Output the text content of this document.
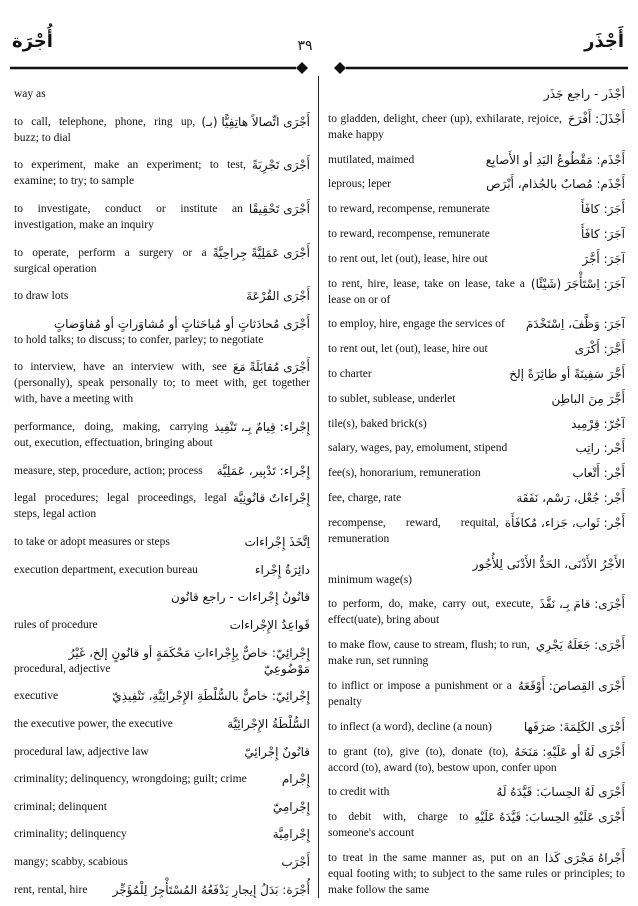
أُجْرَة	٣٩	أَجْذَر
way as
أَجْرَى اتِّصالاً هاتِفِيًّا (بـ)
to call, telephone, phone, ring up, buzz; to dial
أَجْرَى تَجْرِبَةً
to experiment, make an experiment; to test, examine; to try; to sample
أَجْرَى تَحْقِيقًا
to investigate, conduct or institute an investigation, make an inquiry
أَجْرَى عَمَلِيَّةً جِراحِيَّةً
to operate, perform a surgery or a surgical operation
أَجْرَى القُرْعَةَ
to draw lots
أَجْرَى مُحادَثاتٍ أو مُباحَثاتٍ أو مُشاوَراتٍ أو مُفاوَضاتٍ
to hold talks; to discuss; to confer, parley; to negotiate
أَجْرَى مُقابَلَةً مَعَ
to interview, have an interview with, see (personally), speak personally to; to meet with, get together with, have a meeting with
إِجْراء: قِيامٌ بِـ، تَنْفِيذ
performance, doing, making, carrying out, execution, effectuation, bringing about
إِجْراء: تَدْبِير، عَمَلِيَّة
measure, step, procedure, action; process
إِجْراءاتٌ قانُونِيَّة
legal procedures; legal proceedings, legal steps, legal action
اِتَّخَذَ إِجْراءات
to take or adopt measures or steps
دائِرَةُ إِجْراء
execution department, execution bureau
قانُونُ إِجْراءات - راجع قانُون
قَواعِدُ الإِجْراءات
rules of procedure
إِجْرائِيّ: خاصٌّ بِإِجْراءاتِ مَحْكَمَةٍ أو قانُونٍ إلخ، غَيْرُ
مَوْضُوعِيّ
procedural, adjective
إِجْرائِيّ: خاصٌّ بالسُّلْطَةِ الإِجْرائِيَّةِ، تَنْفِيذِيّ
executive
السُّلْطَةُ الإِجْرائِيَّة
the executive power, the executive
قانُونٌ إِجْرائِيّ
procedural law, adjective law
إِجْرام
criminality; delinquency, wrongdoing; guilt; crime
إِجْرامِيّ
criminal; delinquent
إِجْرامِيَّة
criminality; delinquency
أَجْرَب
mangy; scabby, scabious
أُجْرَة: بَدَلُ إِيجارٍ يَدْفَعُهُ المُسْتَأْجِرُ لِلْمُؤَجِّر
rent, rental, hire
أَجْذَر - راجع جَذَر
أَجْذَلَ: أَفْرَحَ
to gladden, delight, cheer (up), exhilarate, rejoice, make happy
أَجْذَم: مَقْطُوعُ اليَدِ أو الأَصابِع
mutilated, maimed
أَجْذَم: مُصابٌ بالجُذام، أَبْرَص
leprous; leper
أَجَرَ: كافَأَ
to reward, recompense, remunerate
آجَرَ: كافَأَ
to reward, recompense, remunerate
آجَرَ: أَجَّرَ
to rent out, let (out), lease, hire out
آجَرَ: اِسْتَأْجَرَ (شَيْئًا)
to rent, hire, lease, take on lease, take a lease on or of
آجَرَ: وَظَّفَ، اِسْتَخْدَمَ
to employ, hire, engage the services of
أَجَّرَ: أَكْرَى
to rent out, let (out), lease, hire out
أَجَّرَ سَفِينَةً أو طائِرَةً إلخ
to charter
أَجَّرَ مِنَ الباطِن
to sublet, sublease, underlet
آجُرّ: قِرْمِيد
tile(s), baked brick(s)
أَجْر: راتِب
salary, wages, pay, emolument, stipend
أَجْر: أَتْعاب
fee(s), honorarium, remuneration
أَجْر: جُعْل، رَسْم، نَفَقَة
fee, charge, rate
أَجْر: ثَواب، جَزاء، مُكافَأَة
recompense, reward, requital, remuneration
الأَجْرُ الأَدْنَى، الحَدُّ الأَدْنَى لِلأُجُور
minimum wage(s)
أَجْرَى: قامَ بِـ، نَفَّذَ
to perform, do, make, carry out, execute, effect(uate), bring about
أَجْرَى: جَعَلَهُ يَجْرِي
to make flow, cause to stream, flush; to run, make run, set running
أَجْرَى القِصاصَ: أَوْقَعَهُ
to inflict or impose a punishment or a penalty
أَجْرَى الكَلِمَةَ: صَرَفَها
to inflect (a word), decline (a noun)
أَجْرَى لَهُ أو عَلَيْهِ: مَنَحَهُ
to grant (to), give (to), donate (to), accord (to), award (to), bestow upon, confer upon
أَجْرَى لَهُ الحِسابَ: قَيَّدَهُ لَهُ
to credit with
أَجْرَى عَلَيْهِ الحِسابَ: قَيَّدَهُ عَلَيْهِ
to debit with, charge to someone's account
أَجْراهُ مَجْرَى كَذا
to treat in the same manner as, put on an equal footing with; to subject to the same rules or principles; to make follow the same
